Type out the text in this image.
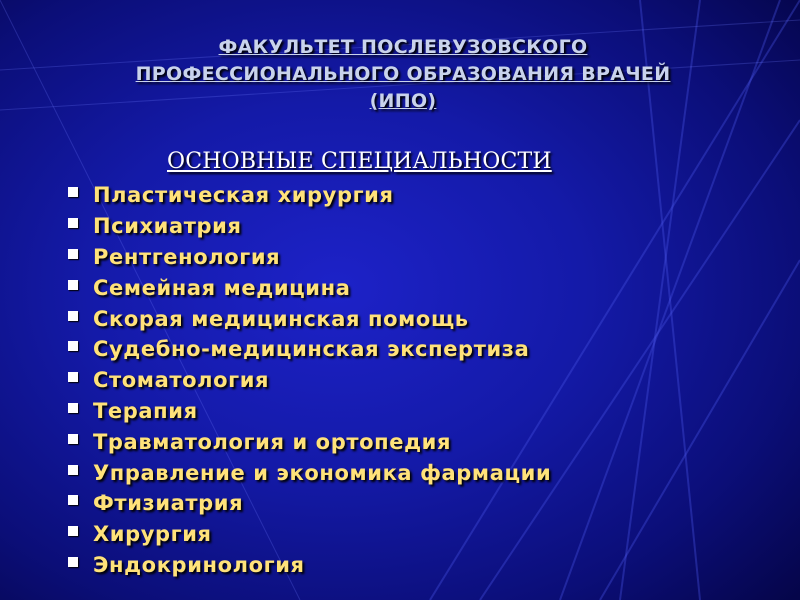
ФАКУЛЬТЕТ ПОСЛЕВУЗОВСКОГО
ПРОФЕССИОНАЛЬНОГО ОБРАЗОВАНИЯ ВРАЧЕЙ
(ИПО)
ОСНОВНЫЕ СПЕЦИАЛЬНОСТИ
Пластическая хирургия
Психиатрия
Рентгенология
Семейная медицина
Скорая медицинская помощь
Судебно-медицинская экспертиза
Стоматология
Терапия
Травматология и ортопедия
Управление и экономика фармации
Фтизиатрия
Хирургия
Эндокринология
